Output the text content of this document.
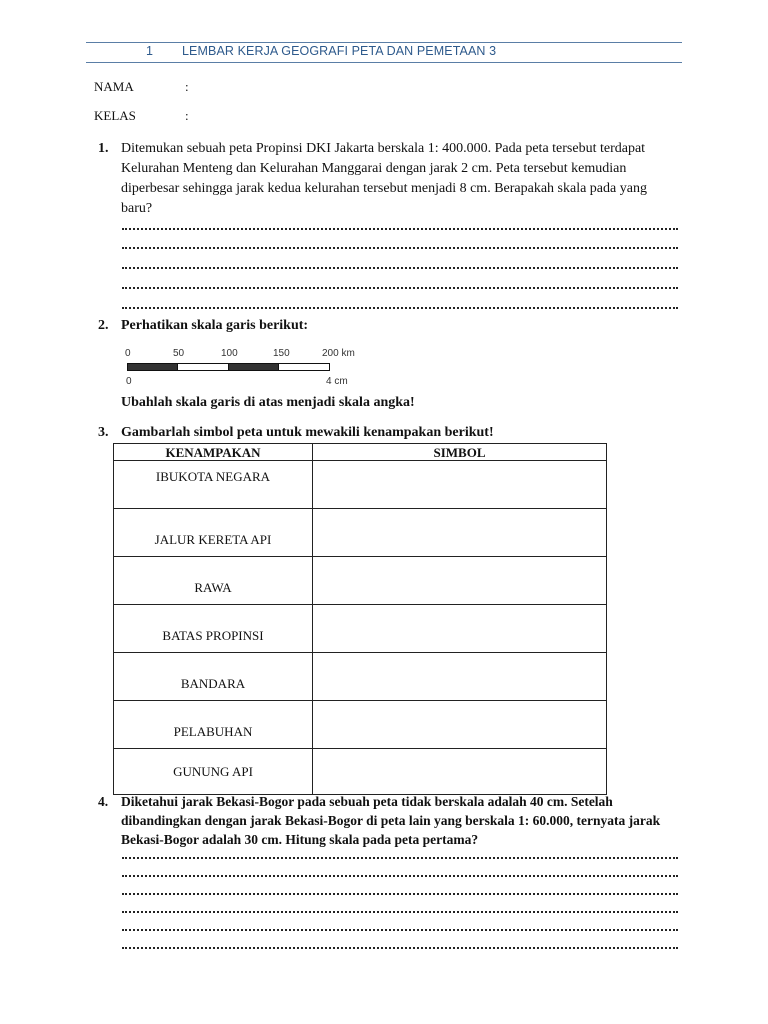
1 LEMBAR KERJA GEOGRAFI PETA DAN PEMETAAN 3
NAMA	:
KELAS	:
1. Ditemukan sebuah peta Propinsi DKI Jakarta berskala 1: 400.000. Pada peta tersebut terdapat Kelurahan Menteng dan Kelurahan Manggarai dengan jarak 2 cm. Peta tersebut kemudian diperbesar sehingga jarak kedua kelurahan tersebut menjadi 8 cm. Berapakah skala pada yang baru?
2. Perhatikan skala garis berikut:
0	50	100	150	200 km
0	4 cm
Ubahlah skala garis di atas menjadi skala angka!
3. Gambarlah simbol peta untuk mewakili kenampakan berikut!
KENAMPAKAN	SIMBOL
IBUKOTA NEGARA	
JALUR KERETA API	
RAWA	
BATAS PROPINSI	
BANDARA	
PELABUHAN	
GUNUNG API	
4. Diketahui jarak Bekasi-Bogor pada sebuah peta tidak berskala adalah 40 cm. Setelah dibandingkan dengan jarak Bekasi-Bogor di peta lain yang berskala 1: 60.000, ternyata jarak Bekasi-Bogor adalah 30 cm. Hitung skala pada peta pertama?
